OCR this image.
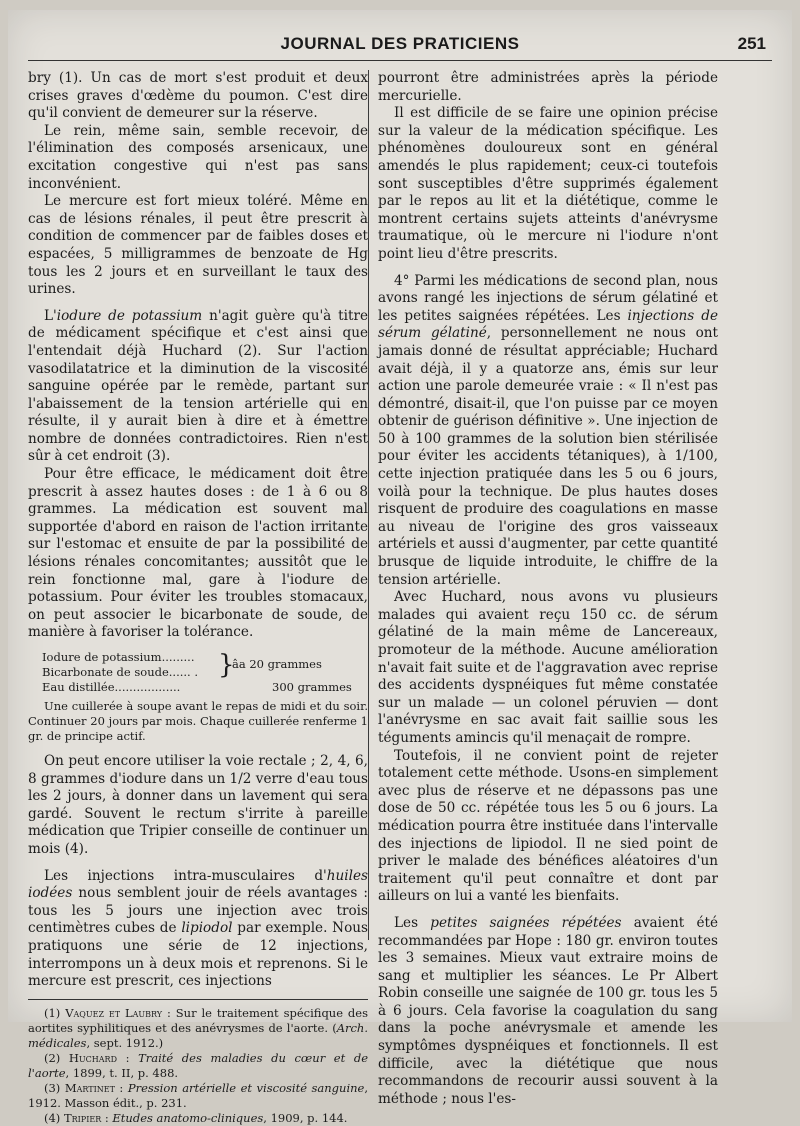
JOURNAL DES PRATICIENS	251

bry (1). Un cas de mort s'est produit et deux crises graves d'œdème du poumon. C'est dire qu'il convient de demeurer sur la réserve.

Le rein, même sain, semble recevoir, de l'élimination des composés arsenicaux, une excitation congestive qui n'est pas sans inconvénient.

Le mercure est fort mieux toléré. Même en cas de lésions rénales, il peut être prescrit à condition de commencer par de faibles doses et espacées, 5 milligrammes de benzoate de Hg tous les 2 jours et en surveillant le taux des urines.

L'iodure de potassium n'agit guère qu'à titre de médicament spécifique et c'est ainsi que l'entendait déjà Huchard (2). Sur l'action vasodilatatrice et la diminution de la viscosité sanguine opérée par le remède, partant sur l'abaissement de la tension artérielle qui en résulte, il y aurait bien à dire et à émettre nombre de données contradictoires. Rien n'est sûr à cet endroit (3).

Pour être efficace, le médicament doit être prescrit à assez hautes doses : de 1 à 6 ou 8 grammes. La médication est souvent mal supportée d'abord en raison de l'action irritante sur l'estomac et ensuite de par la possibilité de lésions rénales concomitantes; aussitôt que le rein fonctionne mal, gare à l'iodure de potassium. Pour éviter les troubles stomacaux, on peut associer le bicarbonate de soude, de manière à favoriser la tolérance.

Iodure de potassium.........
Bicarbonate de soude...... . }
âa 20 grammes
Eau distillée..................	300 grammes
Une cuillerée à soupe avant le repas de midi et du soir. Continuer 20 jours par mois. Chaque cuillerée renferme 1 gr. de principe actif.

On peut encore utiliser la voie rectale ; 2, 4, 6, 8 grammes d'iodure dans un 1/2 verre d'eau tous les 2 jours, à donner dans un lavement qui sera gardé. Souvent le rectum s'irrite à pareille médication que Tripier conseille de continuer un mois (4).

Les injections intra-musculaires d'huiles iodées nous semblent jouir de réels avantages : tous les 5 jours une injection avec trois centimètres cubes de lipiodol par exemple. Nous pratiquons une série de 12 injections, interrompons un à deux mois et reprenons. Si le mercure est prescrit, ces injections

(1) Vaquez et Laubry : Sur le traitement spécifique des aortites syphilitiques et des anévrysmes de l'aorte. (Arch. médicales, sept. 1912.)

(2) Huchard : Traité des maladies du cœur et de l'aorte, 1899, t. II, p. 488.

(3) Martinet : Pression artérielle et viscosité sanguine, 1912. Masson édit., p. 231.

(4) Tripier : Etudes anatomo-cliniques, 1909, p. 144.

pourront être administrées après la période mercurielle.

Il est difficile de se faire une opinion précise sur la valeur de la médication spécifique. Les phénomènes douloureux sont en général amendés le plus rapidement; ceux-ci toutefois sont susceptibles d'être supprimés également par le repos au lit et la diététique, comme le montrent certains sujets atteints d'anévrysme traumatique, où le mercure ni l'iodure n'ont point lieu d'être prescrits.

4° Parmi les médications de second plan, nous avons rangé les injections de sérum gélatiné et les petites saignées répétées. Les injections de sérum gélatiné, personnellement ne nous ont jamais donné de résultat appréciable; Huchard avait déjà, il y a quatorze ans, émis sur leur action une parole demeurée vraie : « Il n'est pas démontré, disait-il, que l'on puisse par ce moyen obtenir de guérison définitive ». Une injection de 50 à 100 grammes de la solution bien stérilisée pour éviter les accidents tétaniques), à 1/100, cette injection pratiquée dans les 5 ou 6 jours, voilà pour la technique. De plus hautes doses risquent de produire des coagulations en masse au niveau de l'origine des gros vaisseaux artériels et aussi d'augmenter, par cette quantité brusque de liquide introduite, le chiffre de la tension artérielle.

Avec Huchard, nous avons vu plusieurs malades qui avaient reçu 150 cc. de sérum gélatiné de la main même de Lancereaux, promoteur de la méthode. Aucune amélioration n'avait fait suite et de l'aggravation avec reprise des accidents dyspnéiques fut même constatée sur un malade — un colonel péruvien — dont l'anévrysme en sac avait fait saillie sous les téguments amincis qu'il menaçait de rompre.

Toutefois, il ne convient point de rejeter totalement cette méthode. Usons-en simplement avec plus de réserve et ne dépassons pas une dose de 50 cc. répétée tous les 5 ou 6 jours. La médication pourra être instituée dans l'intervalle des injections de lipiodol. Il ne sied point de priver le malade des bénéfices aléatoires d'un traitement qu'il peut connaître et dont par ailleurs on lui a vanté les bienfaits.

Les petites saignées répétées avaient été recommandées par Hope : 180 gr. environ toutes les 3 semaines. Mieux vaut extraire moins de sang et multiplier les séances. Le Pr Albert Robin conseille une saignée de 100 gr. tous les 5 à 6 jours. Cela favorise la coagulation du sang dans la poche anévrysmale et amende les symptômes dyspnéiques et fonctionnels. Il est difficile, avec la diététique que nous recommandons de recourir aussi souvent à la méthode ; nous l'es-
